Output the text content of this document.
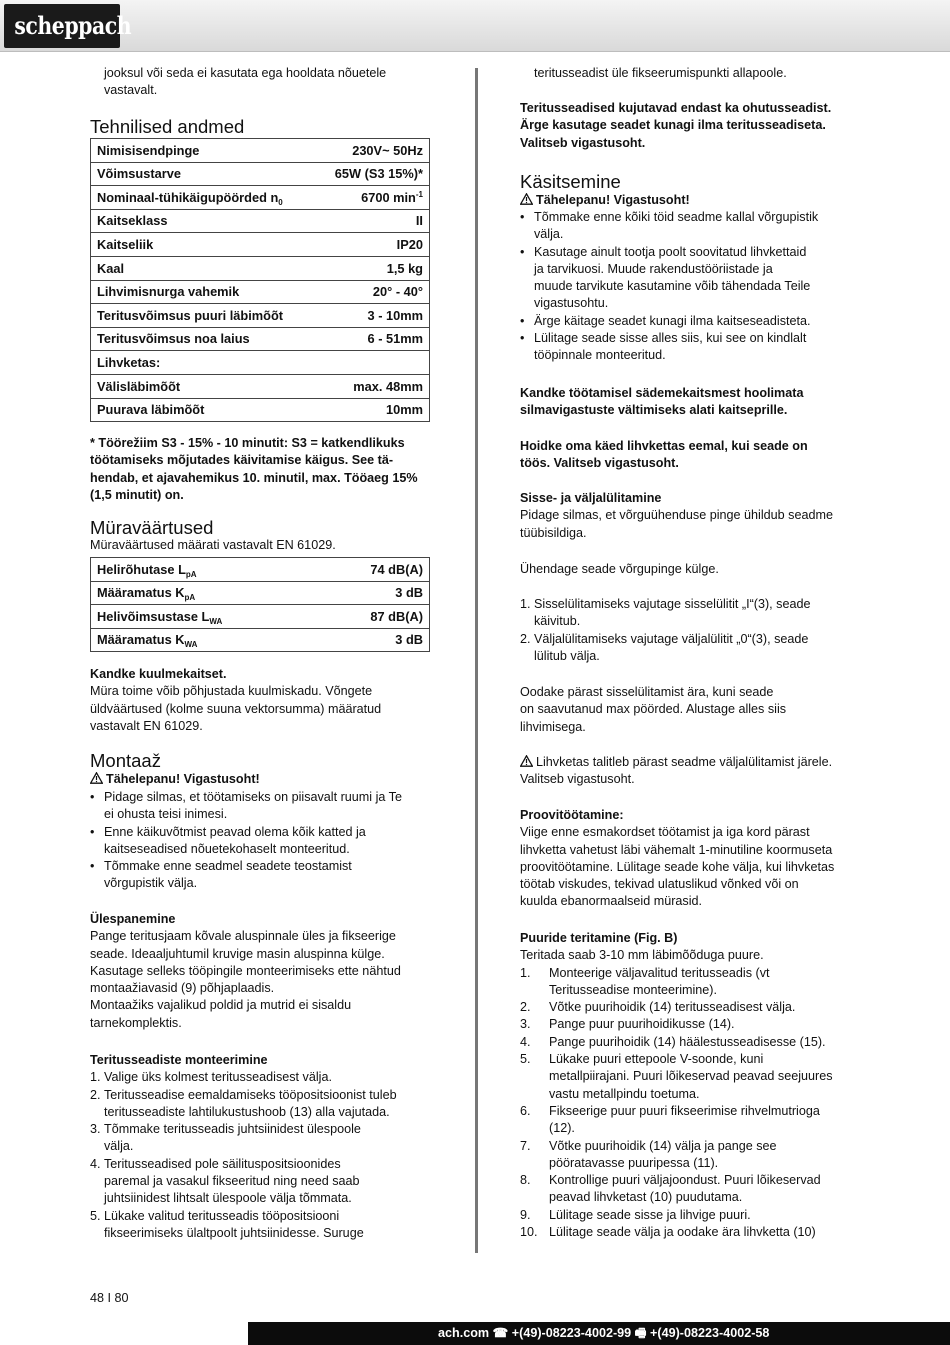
scheppach

jooksul või seda ei kasutata ega hooldata nõuetele

vastavalt.

Tehnilised andmed
Nimisisendpinge	230V~ 50Hz
Võimsustarve	65W (S3 15%)*
Nominaal-tühikäigupöörded $n_0$	6700 $\min^{-1}$
Kaitseklass	II
Kaitseliik	IP20
Kaal	1,5 kg
Lihvimisnurga vahemik	20° - 40°
Teritusvõimsus puuri läbimõõt	3 - 10mm
Teritusvõimsus noa laius	6 - 51mm
Lihvketas:	
Välisläbimõõt	max. 48mm
Puurava läbimõõt	10mm

* Töörežiim S3 - 15% - 10 minutit: S3 = katkendlikuks

töötamiseks mõjutades käivitamise käigus. See tä-

hendab, et ajavahemikus 10. minutil, max. Tööaeg 15%

(1,5 minutit) on.

Müraväärtused

Müraväärtused määrati vastavalt EN 61029.

Helirõhutase $L_{pA}$	74 dB(A)
Määramatus $K_{pA}$	3 dB
Helivõimsustase $L_{WA}$	87 dB(A)
Määramatus $K_{WA}$	3 dB

Kandke kuulmekaitset.

Müra toime võib põhjustada kuulmiskadu. Võngete

üldväärtused (kolme suuna vektorsumma) määratud

vastavalt EN 61029.

Montaaž

Tähelepanu! Vigastusoht!

• Pidage silmas, et töötamiseks on piisavalt ruumi ja Te

ei ohusta teisi inimesi.

• Enne käikuvõtmist peavad olema kõik katted ja

kaitseseadised nõuetekohaselt monteeritud.

• Tõmmake enne seadmel seadete teostamist

võrgupistik välja.

Ülespanemine

Pange teritusjaam kõvale aluspinnale üles ja fikseerige

seade. Ideaaljuhtumil kruvige masin aluspinna külge.

Kasutage selleks tööpingile monteerimiseks ette nähtud

montaažiavasid (9) põhjaplaadis.

Montaažiks vajalikud poldid ja mutrid ei sisaldu

tarnekomplektis.

Teritusseadiste monteerimine

1. Valige üks kolmest teritusseadisest välja.

2. Teritusseadise eemaldamiseks tööpositsioonist tuleb

teritusseadiste lahtilukustushoob (13) alla vajutada.

3. Tõmmake teritusseadis juhtsiinidest ülespoole

välja.

4. Teritusseadised pole säilituspositsioonides

paremal ja vasakul fikseeritud ning need saab

juhtsiinidest lihtsalt ülespoole välja tõmmata.

5. Lükake valitud teritusseadis tööpositsiooni

fikseerimiseks ülaltpoolt juhtsiinidesse. Suruge

teritusseadist üle fikseerumispunkti allapoole.

Teritusseadised kujutavad endast ka ohutusseadist.

Ärge kasutage seadet kunagi ilma teritusseadiseta.

Valitseb vigastusoht.

Käsitsemine

Tähelepanu! Vigastusoht!

• Tõmmake enne kõiki töid seadme kallal võrgupistik

välja.

• Kasutage ainult tootja poolt soovitatud lihvkettaid

ja tarvikuosi. Muude rakendustööriistade ja

muude tarvikute kasutamine võib tähendada Teile

vigastusohtu.

• Ärge käitage seadet kunagi ilma kaitseseadisteta.

• Lülitage seade sisse alles siis, kui see on kindlalt

tööpinnale monteeritud.

Kandke töötamisel sädemekaitsmest hoolimata

silmavigastuste vältimiseks alati kaitseprille.

Hoidke oma käed lihvkettas eemal, kui seade on

töös. Valitseb vigastusoht.

Sisse- ja väljalülitamine

Pidage silmas, et võrguühenduse pinge ühildub seadme

tüübisildiga.

Ühendage seade võrgupinge külge.

1. Sisselülitamiseks vajutage sisselülitit „I“(3), seade

käivitub.

2. Väljalülitamiseks vajutage väljalülitit „0“(3), seade

lülitub välja.

Oodake pärast sisselülitamist ära, kuni seade

on saavutanud max pöörded. Alustage alles siis

lihvimisega.

Lihvketas talitleb pärast seadme väljalülitamist järele.

Valitseb vigastusoht.

Proovitöötamine:

Viige enne esmakordset töötamist ja iga kord pärast

lihvketta vahetust läbi vähemalt 1-minutiline koormuseta

proovitöötamine. Lülitage seade kohe välja, kui lihvketas

töötab viskudes, tekivad ulatuslikud võnked või on

kuulda ebanormaalseid mürasid.

Puuride teritamine (Fig. B)

Teritada saab 3-10 mm läbimõõduga puure.

1. Monteerige väljavalitud teritusseadis (vt

Teritusseadise monteerimine).

2. Võtke puurihoidik (14) teritusseadisest välja.

3. Pange puur puurihoidikusse (14).

4. Pange puurihoidik (14) häälestusseadisesse (15).

5. Lükake puuri ettepoole V-soonde, kuni

metallpiirajani. Puuri lõikeservad peavad seejuures

vastu metallpindu toetuma.

6. Fikseerige puur puuri fikseerimise rihvelmutrioga

(12).

7. Võtke puurihoidik (14) välja ja pange see

pööratavasse puuripessa (11).

8. Kontrollige puuri väljajoondust. Puuri lõikeservad

peavad lihvketast (10) puudutama.

9. Lülitage seade sisse ja lihvige puuri.

10. Lülitage seade välja ja oodake ära lihvketta (10)

48 I 80

ach.com ☎ +(49)-08223-4002-99 🖷 +(49)-08223-4002-58
